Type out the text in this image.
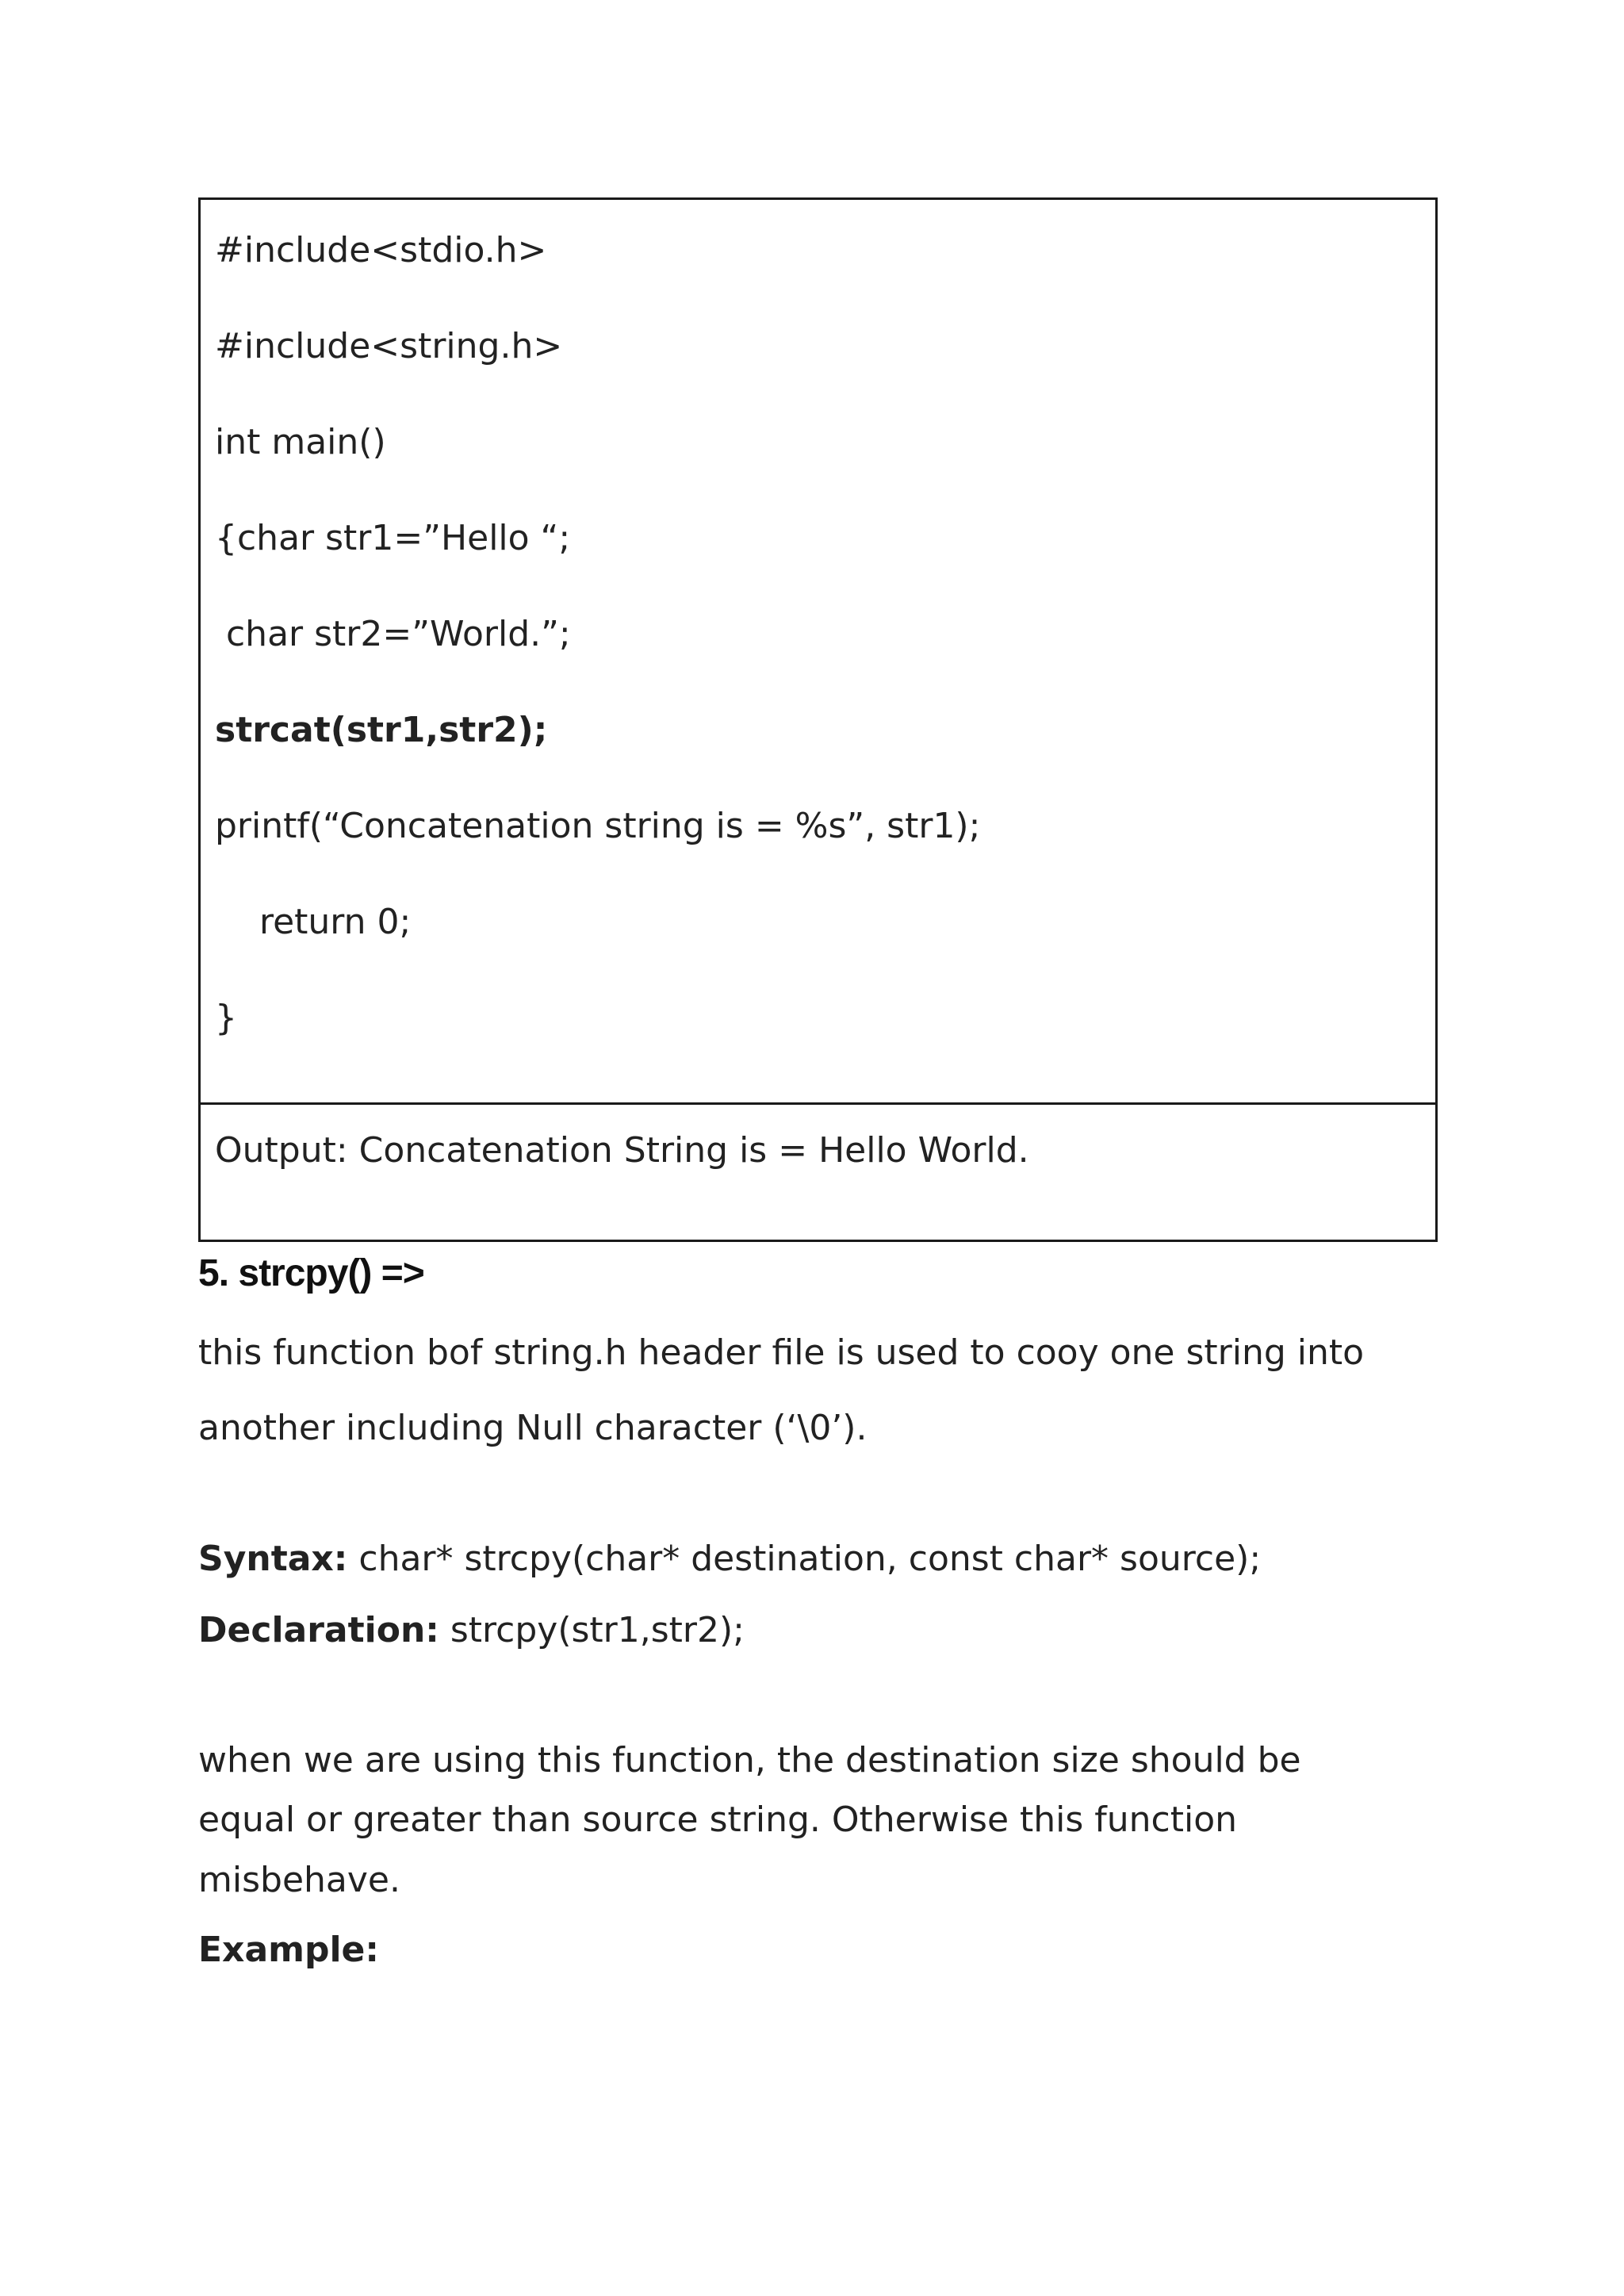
#include<stdio.h>
#include<string.h>
int main()
{char str1=”Hello “;
char str2=”World.”;
strcat(str1,str2);
printf(“Concatenation string is = %s”, str1);
return 0;
}
Output: Concatenation String is = Hello World.
5. strcpy() =>
this function bof string.h header file is used to cooy one string into
another including Null character (‘\0’).
Syntax: char* strcpy(char* destination, const char* source);
Declaration: strcpy(str1,str2);
when we are using this function, the destination size should be
equal or greater than source string. Otherwise this function
misbehave.
Example:
